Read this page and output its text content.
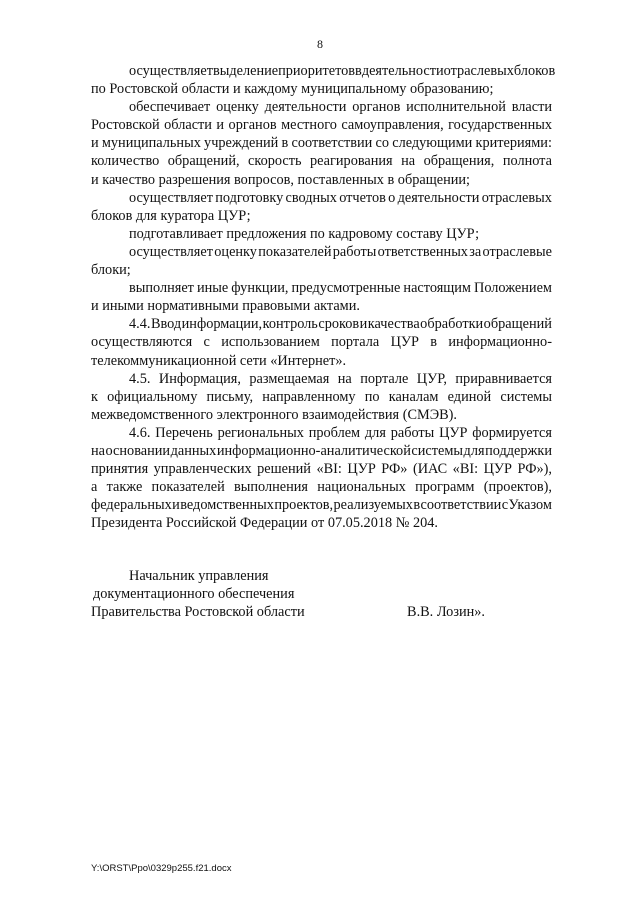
8
осуществляет выделение приоритетов в деятельности отраслевых блоков
по Ростовской области и каждому муниципальному образованию;
обеспечивает оценку деятельности органов исполнительной власти
Ростовской области и органов местного самоуправления, государственных
и муниципальных учреждений в соответствии со следующими критериями:
количество обращений, скорость реагирования на обращения, полнота
и качество разрешения вопросов, поставленных в обращении;
осуществляет подготовку сводных отчетов о деятельности отраслевых
блоков для куратора ЦУР;
подготавливает предложения по кадровому составу ЦУР;
осуществляет оценку показателей работы ответственных за отраслевые
блоки;
выполняет иные функции, предусмотренные настоящим Положением
и иными нормативными правовыми актами.
4.4. Ввод информации, контроль сроков и качества обработки обращений
осуществляются с использованием портала ЦУР в информационно-
телекоммуникационной сети «Интернет».
4.5. Информация, размещаемая на портале ЦУР, приравнивается
к официальному письму, направленному по каналам единой системы
межведомственного электронного взаимодействия (СМЭВ).
4.6. Перечень региональных проблем для работы ЦУР формируется
на основании данных информационно-аналитической системы для поддержки
принятия управленческих решений «BI: ЦУР РФ» (ИАС «BI: ЦУР РФ»),
а также показателей выполнения национальных программ (проектов),
федеральных и ведомственных проектов, реализуемых в соответствии с Указом
Президента Российской Федерации от 07.05.2018 № 204.
Начальник управления
документационного обеспечения
Правительства Ростовской области	В.В. Лозин».
Y:\ORST\Ppo\0329p255.f21.docx
